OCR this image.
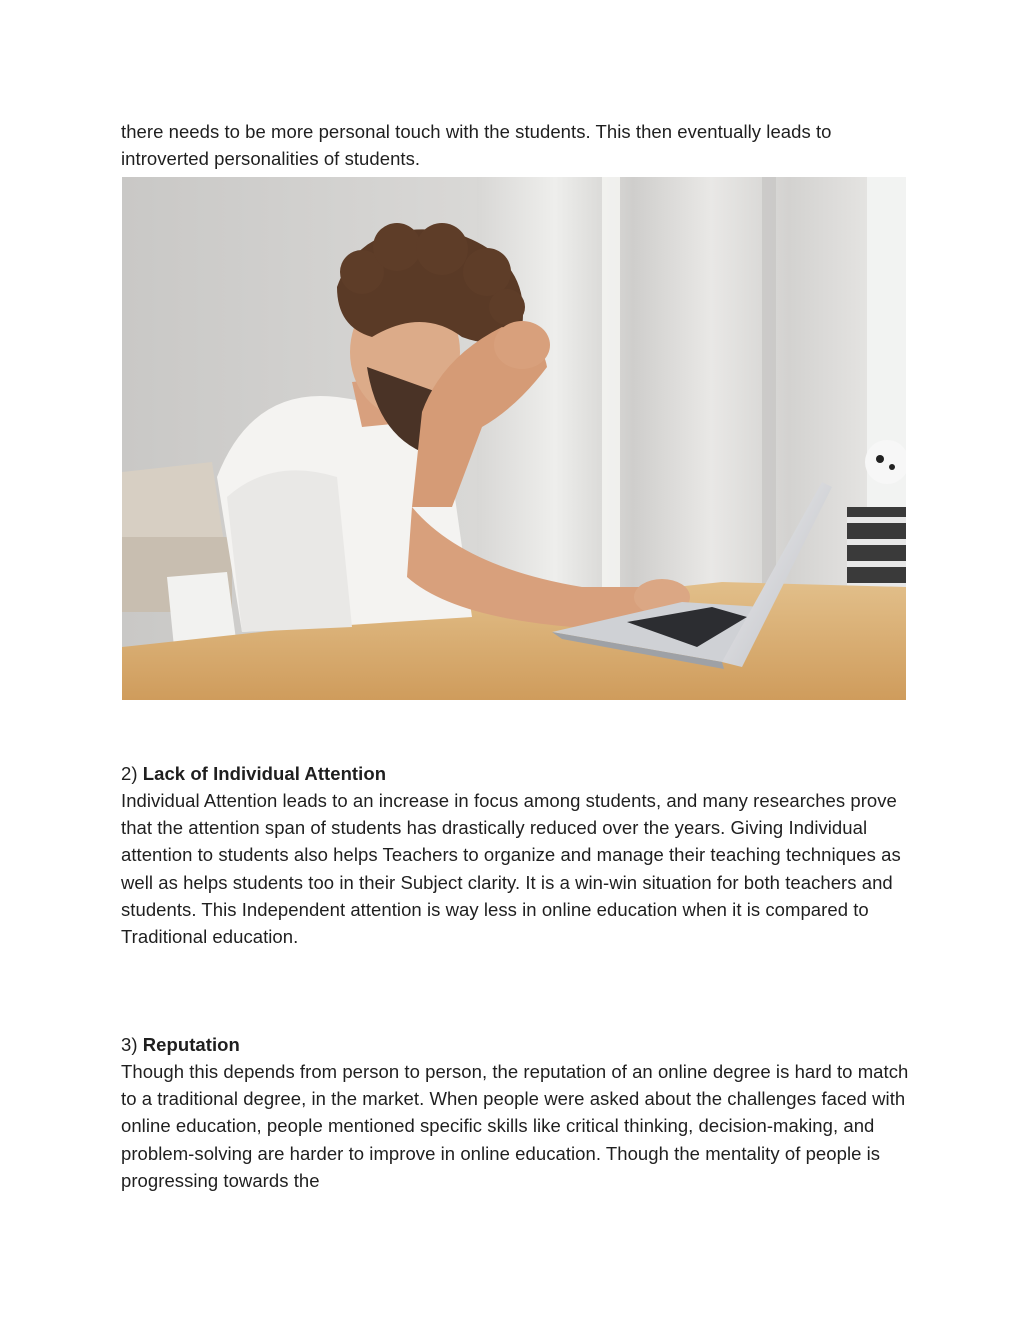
there needs to be more personal touch with the students. This then eventually leads to introverted personalities of students.

2) Lack of Individual Attention

Individual Attention leads to an increase in focus among students, and many researches prove that the attention span of students has drastically reduced over the years. Giving Individual attention to students also helps Teachers to organize and manage their teaching techniques as well as helps students too in their Subject clarity. It is a win-win situation for both teachers and students. This Independent attention is way less in online education when it is compared to Traditional education.

3) Reputation

Though this depends from person to person, the reputation of an online degree is hard to match to a traditional degree, in the market. When people were asked about the challenges faced with online education, people mentioned specific skills like critical thinking, decision-making, and problem-solving are harder to improve in online education. Though the mentality of people is progressing towards the
